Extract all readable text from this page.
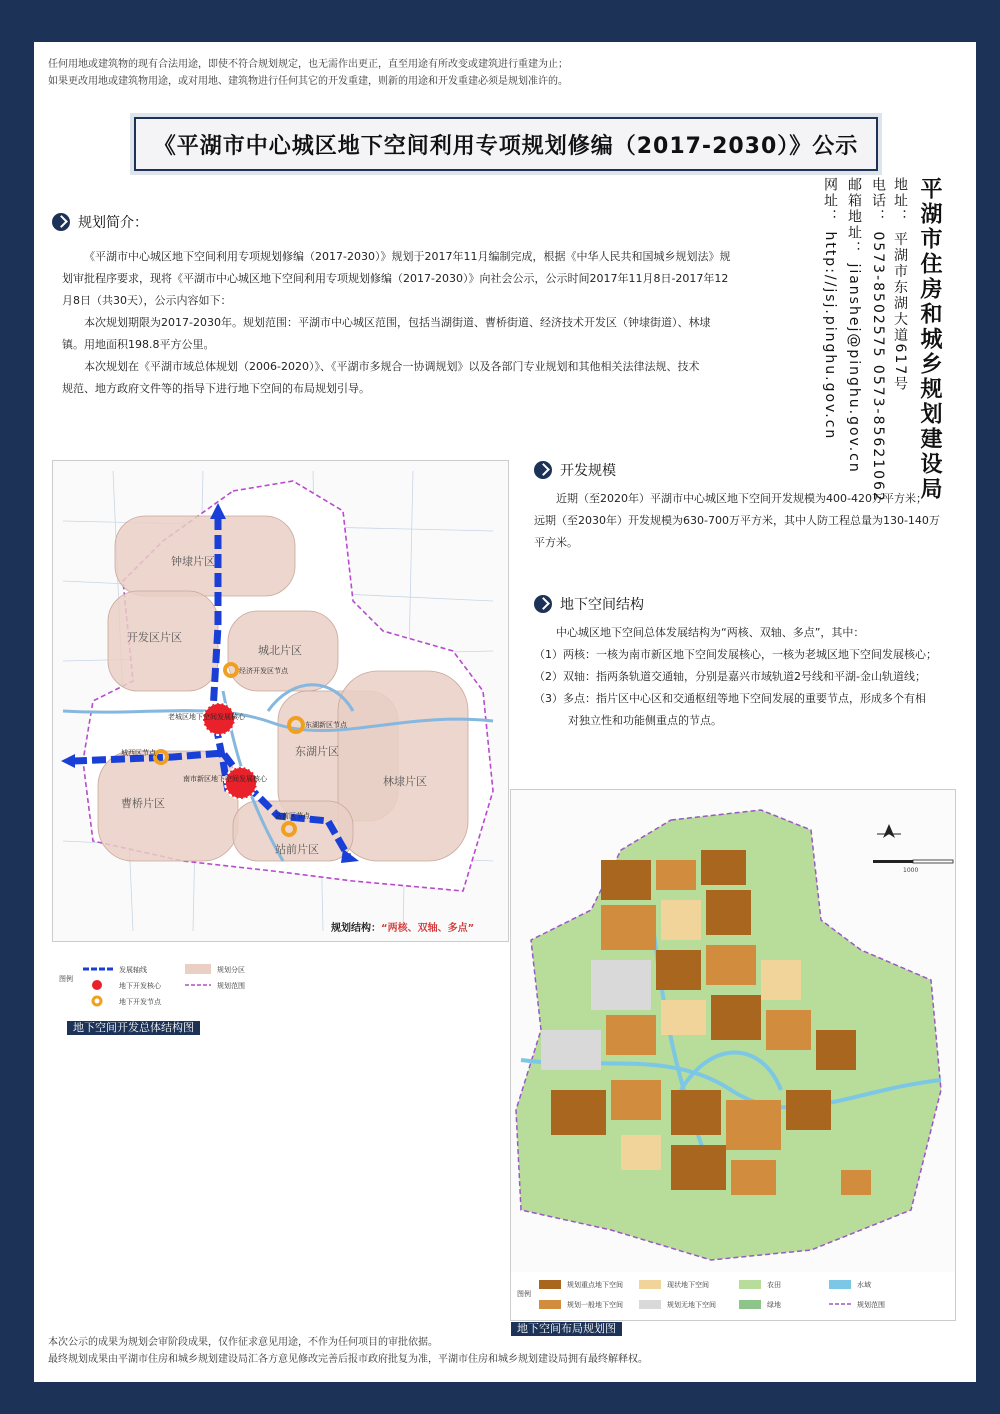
任何用地或建筑物的现有合法用途，即使不符合规划规定，也无需作出更正，直至用途有所改变或建筑进行重建为止；
如果更改用地或建筑物用途，或对用地、建筑物进行任何其它的开发重建，则新的用途和开发重建必须是规划准许的。
《平湖市中心城区地下空间利用专项规划修编（2017-2030）》公示
平湖市住房和城乡规划建设局
地址： 平湖市东湖大道617号
电话： 0573-8502575 0573-85621062
邮箱地址： jianshej@pinghu.gov.cn
网址： http://jsj.pinghu.gov.cn
规划简介：
《平湖市中心城区地下空间利用专项规划修编（2017-2030）》规划于2017年11月编制完成，根据《中华人民共和国城乡规划法》规
划审批程序要求，现将《平湖市中心城区地下空间利用专项规划修编（2017-2030）》向社会公示，公示时间2017年11月8日-2017年12
月8日（共30天），公示内容如下：
本次规划期限为2017-2030年。规划范围：平湖市中心城区范围，包括当湖街道、曹桥街道、经济技术开发区（钟埭街道）、林埭
镇。用地面积198.8平方公里。
本次规划在《平湖市域总体规划（2006-2020）》、《平湖市多规合一协调规划》以及各部门专业规划和其他相关法律法规、技术
规范、地方政府文件等的指导下进行地下空间的布局规划引导。
开发规模
近期（至2020年）平湖市中心城区地下空间开发规模为400-420万平方米；
远期（至2030年）开发规模为630-700万平方米，其中人防工程总量为130-140万
平方米。
地下空间结构
中心城区地下空间总体发展结构为“两核、双轴、多点”，其中：
（1）两核：一核为南市新区地下空间发展核心，一核为老城区地下空间发展核心；
（2）双轴：指两条轨道交通轴，分别是嘉兴市域轨道2号线和平湖-金山轨道线；
（3）多点：指片区中心区和交通枢纽等地下空间发展的重要节点，形成多个有相
对独立性和功能侧重点的节点。
钟埭片区
开发区片区
城北片区
东湖片区
林埭片区
曹桥片区
站前片区
经济开发区节点
老城区地下空间发展核心
东湖新区节点
城西区节点
南市新区地下空间发展核心
站前区节点
规划结构：“两核、双轴、多点”
图例
发展轴线
地下开发核心
地下开发节点
规划分区
规划范围
地下空间开发总体结构图
1000
图例
规划重点地下空间
规划一般地下空间
现状地下空间
规划无地下空间
农田
绿地
水域
规划范围
地下空间布局规划图
本次公示的成果为规划会审阶段成果，仅作征求意见用途，不作为任何项目的审批依据。
最终规划成果由平湖市住房和城乡规划建设局汇各方意见修改完善后报市政府批复为准，平湖市住房和城乡规划建设局拥有最终解释权。
